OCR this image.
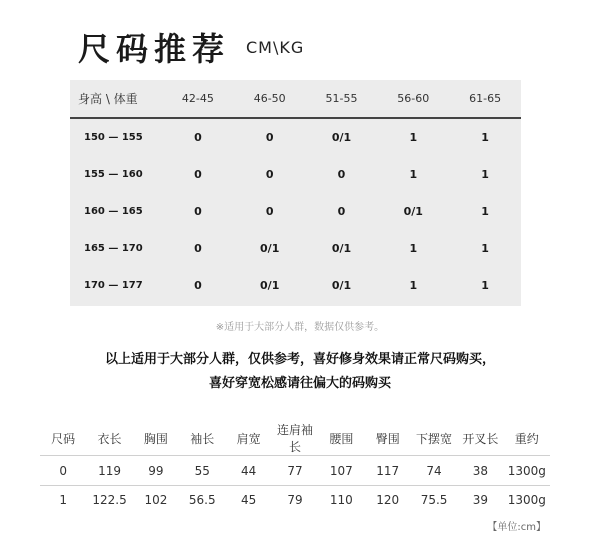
尺码推荐 CM\KG
身高 \ 体重	42-45	46-50	51-55	56-60	61-65
150 — 155	0	0	0/1	1	1
155 — 160	0	0	0	1	1
160 — 165	0	0	0	0/1	1
165 — 170	0	0/1	0/1	1	1
170 — 177	0	0/1	0/1	1	1
※适用于大部分人群，数据仅供参考。
以上适用于大部分人群，仅供参考，喜好修身效果请正常尺码购买，
喜好穿宽松感请往偏大的码购买
尺码	衣长	胸围	袖长	肩宽	连肩袖长	腰围	臀围	下摆宽	开叉长	重约
0	119	99	55	44	77	107	117	74	38	1300g
1	122.5	102	56.5	45	79	110	120	75.5	39	1300g
【单位:cm】
